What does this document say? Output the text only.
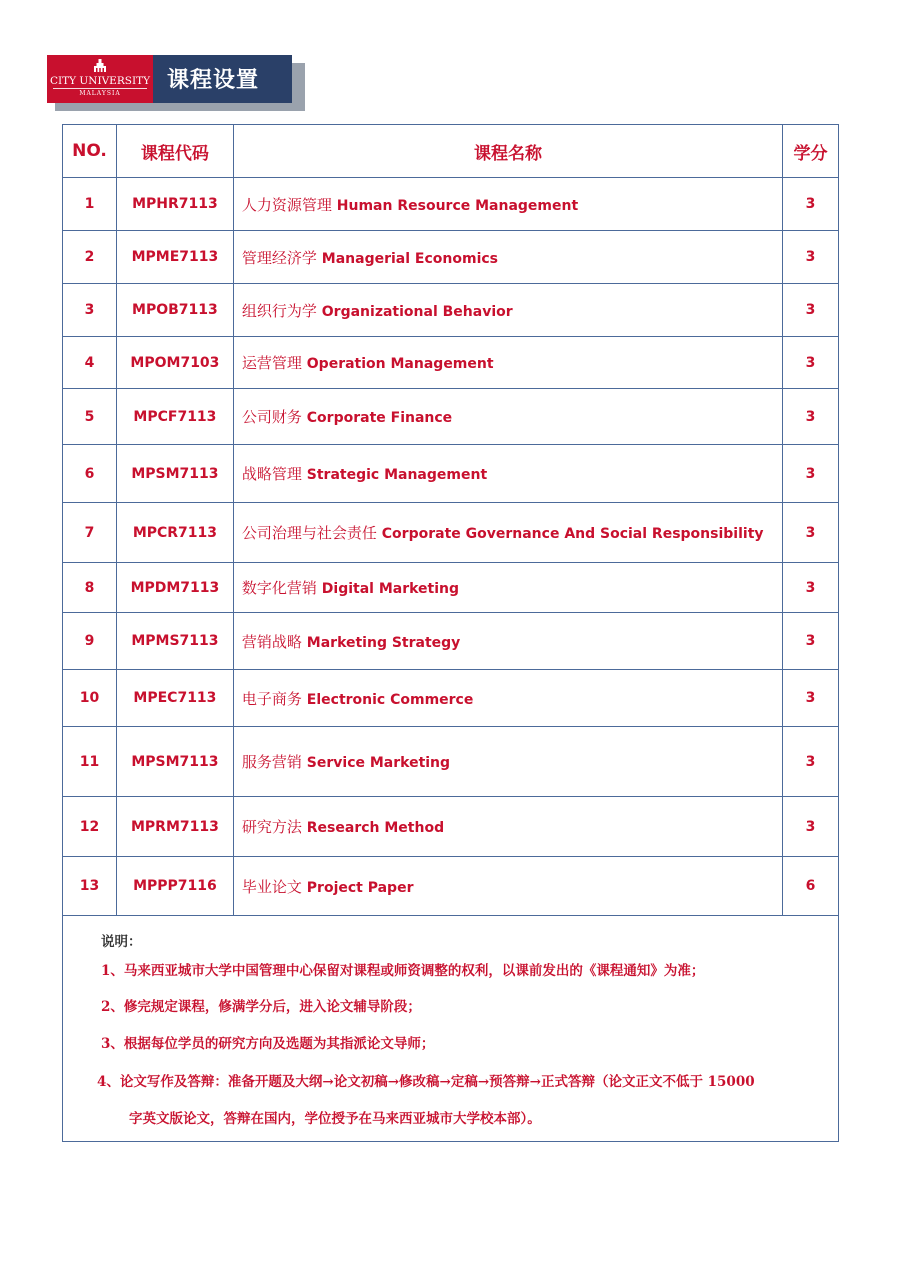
CITY UNIVERSITY
MALAYSIA
课程设置
NO.	课程代码	课程名称	学分
1	MPHR7113	人力资源管理 Human Resource Management	3
2	MPME7113	管理经济学 Managerial Economics	3
3	MPOB7113	组织行为学 Organizational Behavior	3
4	MPOM7103	运营管理 Operation Management	3
5	MPCF7113	公司财务 Corporate Finance	3
6	MPSM7113	战略管理 Strategic Management	3
7	MPCR7113	公司治理与社会责任 Corporate Governance And Social Responsibility	3
8	MPDM7113	数字化营销 Digital Marketing	3
9	MPMS7113	营销战略 Marketing Strategy	3
10	MPEC7113	电子商务 Electronic Commerce	3
11	MPSM7113	服务营销 Service Marketing	3
12	MPRM7113	研究方法 Research Method	3
13	MPPP7116	毕业论文 Project Paper	6
说明：
1、马来西亚城市大学中国管理中心保留对课程或师资调整的权利，以课前发出的《课程通知》为准；
2、修完规定课程，修满学分后，进入论文辅导阶段；
3、根据每位学员的研究方向及选题为其指派论文导师；
4、论文写作及答辩：准备开题及大纲→论文初稿→修改稿→定稿→预答辩→正式答辩（论文正文不低于 15000
字英文版论文，答辩在国内，学位授予在马来西亚城市大学校本部）。
